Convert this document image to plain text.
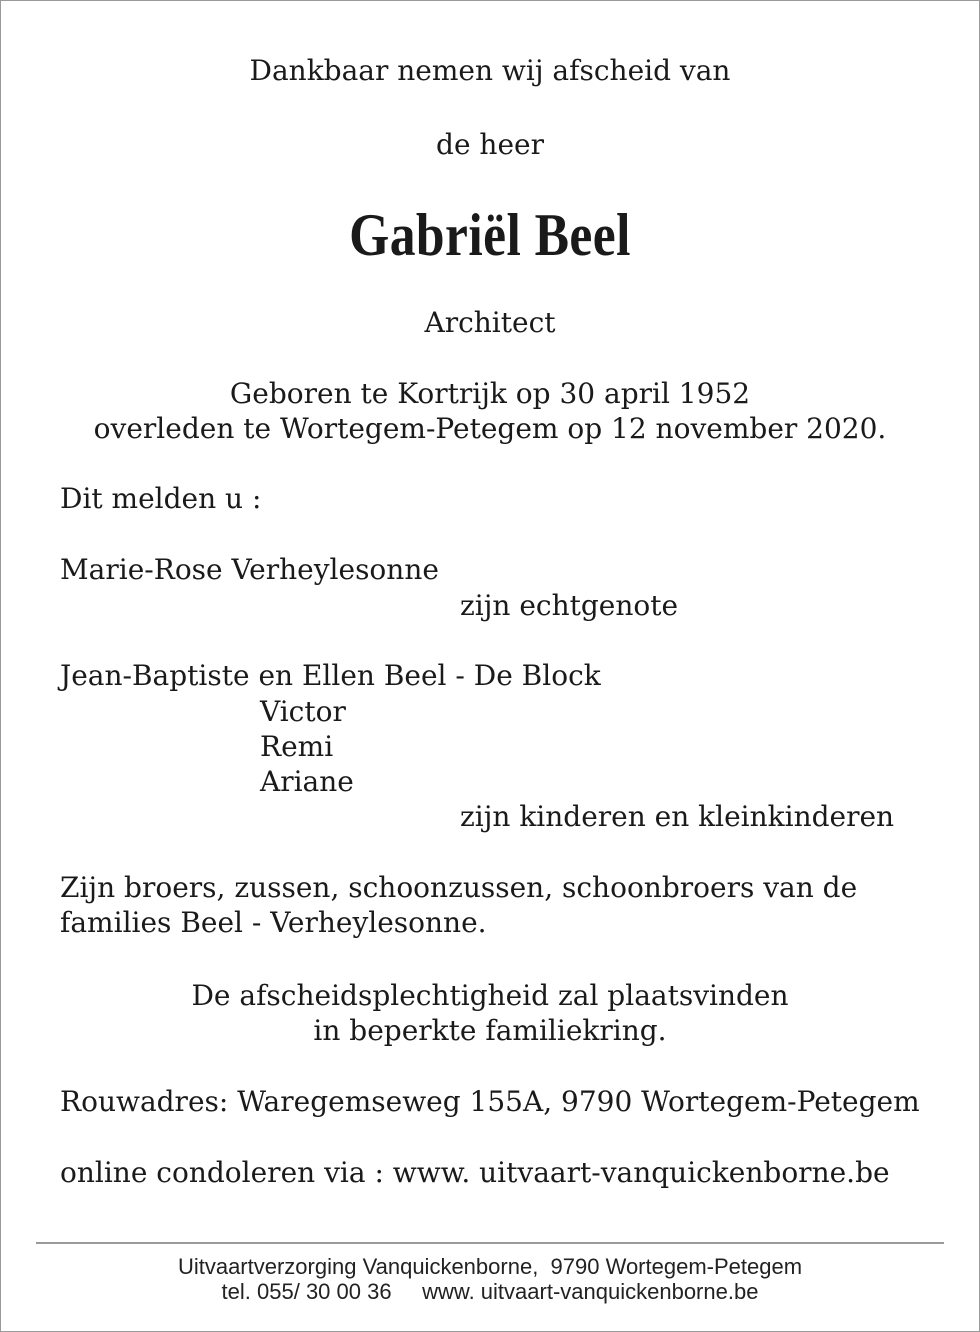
Dankbaar nemen wij afscheid van
de heer
Gabriël Beel
Architect
Geboren te Kortrijk op 30 april 1952
overleden te Wortegem-Petegem op 12 november 2020.
Dit melden u :
Marie-Rose Verheylesonne
zijn echtgenote
Jean-Baptiste en Ellen Beel - De Block
Victor
Remi
Ariane
zijn kinderen en kleinkinderen
Zijn broers, zussen, schoonzussen, schoonbroers van de
families Beel - Verheylesonne.
De afscheidsplechtigheid zal plaatsvinden
in beperkte familiekring.
Rouwadres: Waregemseweg 155A, 9790 Wortegem-Petegem
online condoleren via : www. uitvaart-vanquickenborne.be
Uitvaartverzorging Vanquickenborne,  9790 Wortegem-Petegem
tel. 055/ 30 00 36     www. uitvaart-vanquickenborne.be
